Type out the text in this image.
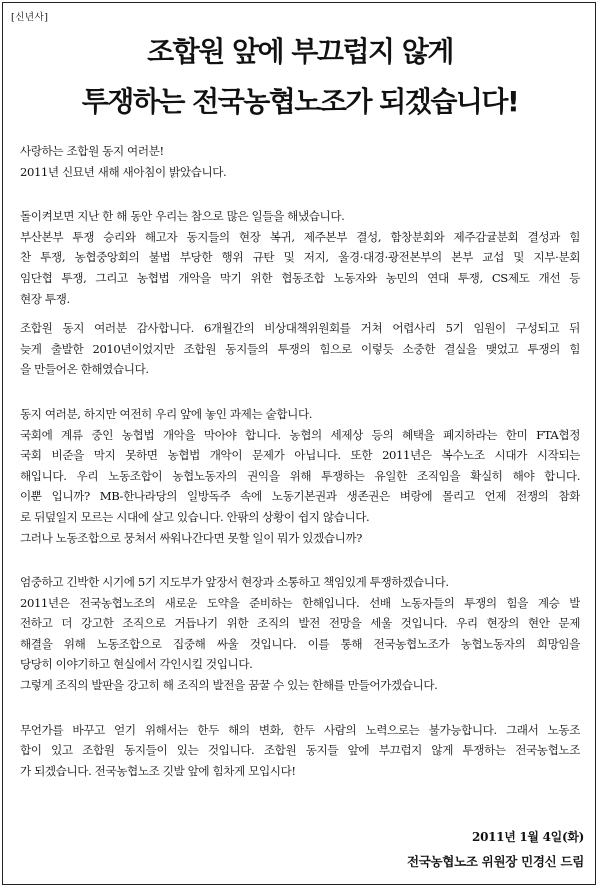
[신년사]
조합원 앞에 부끄럽지 않게
투쟁하는 전국농협노조가 되겠습니다!
사랑하는 조합원 동지 여러분!
2011년 신묘년 새해 새아침이 밝았습니다.
돌이켜보면 지난 한 해 동안 우리는 참으로 많은 일들을 해냈습니다.
부산본부 투쟁 승리와 해고자 동지들의 현장 복귀, 제주본부 결성, 함창분회와 제주감귤분회 결성과 힘
찬 투쟁, 농협중앙회의 불법 부당한 행위 규탄 및 저지, 울경·대경·광전본부의 본부 교섭 및 지부·분회
임단협 투쟁, 그리고 농협법 개악을 막기 위한 협동조합 노동자와 농민의 연대 투쟁, CS제도 개선 등
현장 투쟁.
조합원 동지 여러분 감사합니다. 6개월간의 비상대책위원회를 거쳐 어렵사리 5기 임원이 구성되고 뒤
늦게 출발한 2010년이었지만 조합원 동지들의 투쟁의 힘으로 이렇듯 소중한 결실을 맺었고 투쟁의 힘
을 만들어온 한해였습니다.
동지 여러분, 하지만 여전히 우리 앞에 놓인 과제는 숱합니다.
국회에 계류 중인 농협법 개악을 막아야 합니다. 농협의 세제상 등의 혜택을 폐지하라는 한미 FTA협정
국회 비준을 막지 못하면 농협법 개악이 문제가 아닙니다. 또한 2011년은 복수노조 시대가 시작되는
해입니다. 우리 노동조합이 농협노동자의 권익을 위해 투쟁하는 유일한 조직임을 확실히 해야 합니다.
이뿐 입니까? MB-한나라당의 일방독주 속에 노동기본권과 생존권은 벼랑에 몰리고 언제 전쟁의 참화
로 뒤덮일지 모르는 시대에 살고 있습니다. 안팎의 상황이 쉽지 않습니다.
그러나 노동조합으로 뭉쳐서 싸워나간다면 못할 일이 뭐가 있겠습니까?
엄중하고 긴박한 시기에 5기 지도부가 앞장서 현장과 소통하고 책임있게 투쟁하겠습니다.
2011년은 전국농협노조의 새로운 도약을 준비하는 한해입니다. 선배 노동자들의 투쟁의 힘을 계승 발
전하고 더 강고한 조직으로 거듭나기 위한 조직의 발전 전망을 세울 것입니다. 우리 현장의 현안 문제
해결을 위해 노동조합으로 집중해 싸울 것입니다. 이를 통해 전국농협노조가 농협노동자의 희망임을
당당히 이야기하고 현실에서 각인시킬 것입니다.
그렇게 조직의 발판을 강고히 해 조직의 발전을 꿈꿀 수 있는 한해를 만들어가겠습니다.
무언가를 바꾸고 얻기 위해서는 한두 해의 변화, 한두 사람의 노력으로는 불가능합니다. 그래서 노동조
합이 있고 조합원 동지들이 있는 것입니다. 조합원 동지들 앞에 부끄럽지 않게 투쟁하는 전국농협노조
가 되겠습니다. 전국농협노조 깃발 앞에 힘차게 모입시다!
2011년 1월 4일(화)
전국농협노조 위원장 민경신 드림
